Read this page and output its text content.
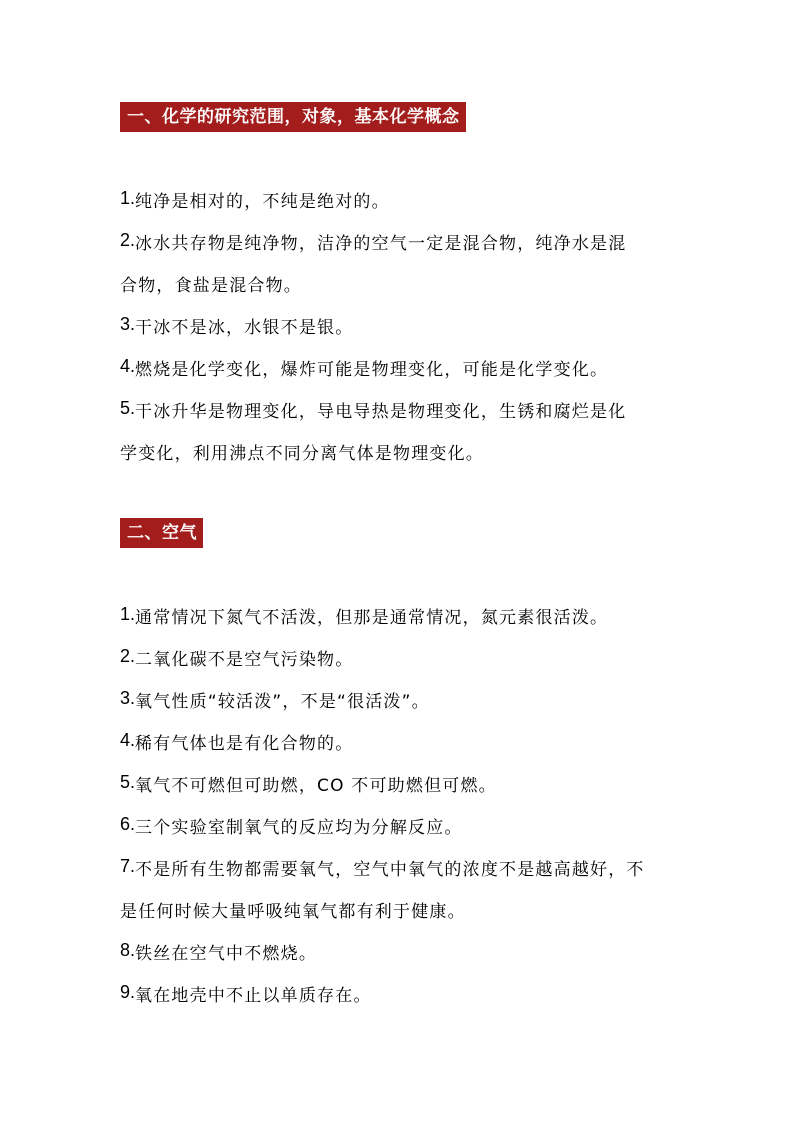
一、化学的研究范围，对象，基本化学概念
1.纯净是相对的，不纯是绝对的。
2.冰水共存物是纯净物，洁净的空气一定是混合物，纯净水是混
合物，食盐是混合物。
3.干冰不是冰，水银不是银。
4.燃烧是化学变化，爆炸可能是物理变化，可能是化学变化。
5.干冰升华是物理变化，导电导热是物理变化，生锈和腐烂是化
学变化，利用沸点不同分离气体是物理变化。
二、空气
1.通常情况下氮气不活泼，但那是通常情况，氮元素很活泼。
2.二氧化碳不是空气污染物。
3.氧气性质“较活泼”，不是“很活泼”。
4.稀有气体也是有化合物的。
5.氧气不可燃但可助燃，CO 不可助燃但可燃。
6.三个实验室制氧气的反应均为分解反应。
7.不是所有生物都需要氧气，空气中氧气的浓度不是越高越好，不
是任何时候大量呼吸纯氧气都有利于健康。
8.铁丝在空气中不燃烧。
9.氧在地壳中不止以单质存在。
